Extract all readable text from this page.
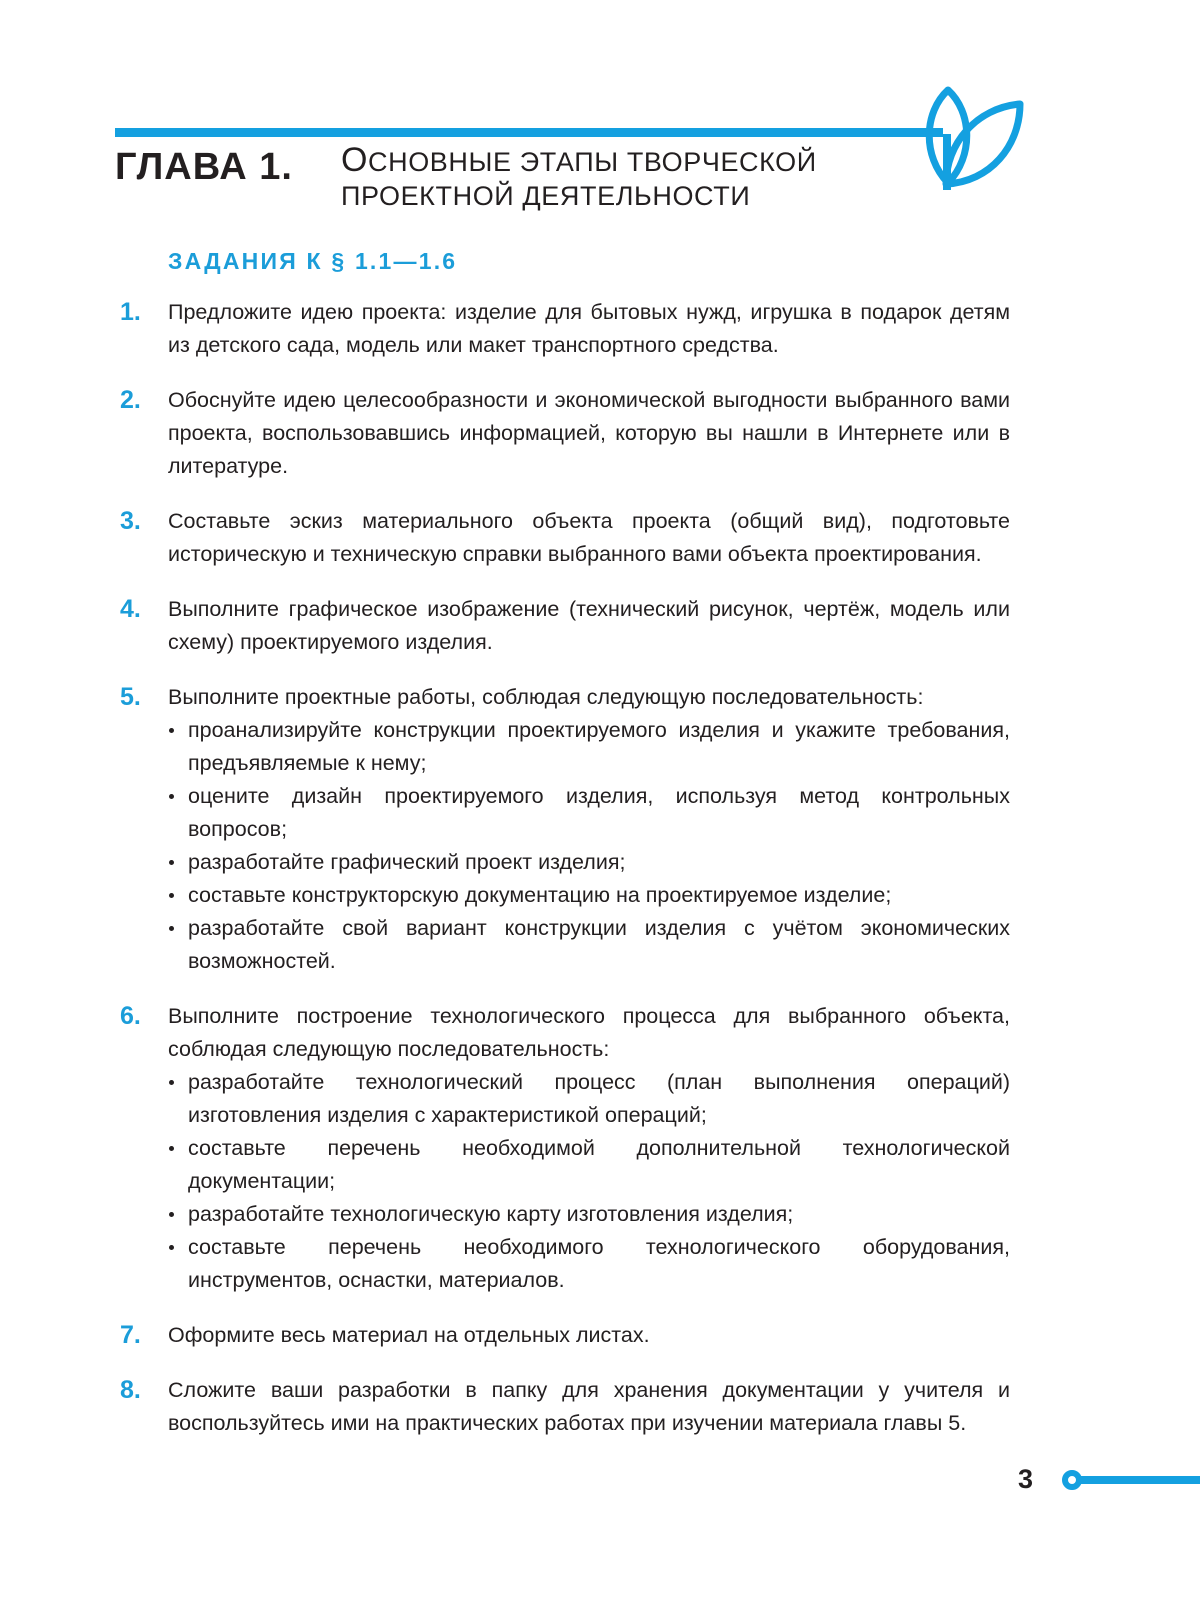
ГЛАВА 1. ОСНОВНЫЕ ЭТАПЫ ТВОРЧЕСКОЙ
ПРОЕКТНОЙ ДЕЯТЕЛЬНОСТИ
ЗАДАНИЯ К § 1.1—1.6
1.	Предложите идею проекта: изделие для бытовых нужд, игрушка в подарок детям из детского сада, модель или макет транспортного средства.
2.	Обоснуйте идею целесообразности и экономической выгодности выбранного вами проекта, воспользовавшись информацией, которую вы нашли в Интернете или в литературе.
3.	Составьте эскиз материального объекта проекта (общий вид), подготовьте историческую и техническую справки выбранного вами объекта проектирования.
4.	Выполните графическое изображение (технический рисунок, чертёж, модель или схему) проектируемого изделия.
5.	Выполните проектные работы, соблюдая следующую последовательность:
проанализируйте конструкции проектируемого изделия и укажите требования, предъявляемые к нему;
оцените дизайн проектируемого изделия, используя метод контрольных вопросов;
разработайте графический проект изделия;
составьте конструкторскую документацию на проектируемое изделие;
разработайте свой вариант конструкции изделия с учётом экономических возможностей.
6.	Выполните построение технологического процесса для выбранного объекта, соблюдая следующую последовательность:
разработайте технологический процесс (план выполнения операций) изготовления изделия с характеристикой операций;
составьте перечень необходимой дополнительной технологической документации;
разработайте технологическую карту изготовления изделия;
составьте перечень необходимого технологического оборудования, инструментов, оснастки, материалов.
7.	Оформите весь материал на отдельных листах.
8.	Сложите ваши разработки в папку для хранения документации у учителя и воспользуйтесь ими на практических работах при изучении материала главы 5.
3
